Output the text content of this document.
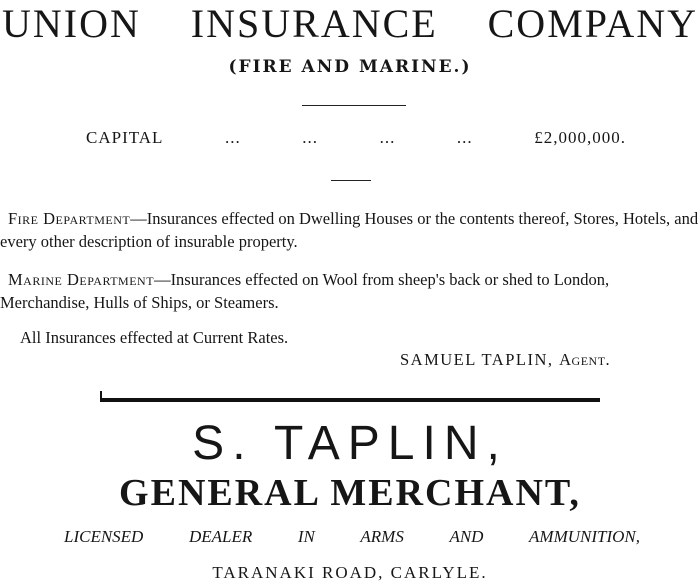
UNION INSURANCE COMPANY
(FIRE AND MARINE.)
CAPITAL	...	...	...	...	£2,000,000.
Fire Department—Insurances effected on Dwelling Houses or the contents thereof, Stores, Hotels, and every other description of insurable property.
Marine Department—Insurances effected on Wool from sheep's back or shed to London, Merchandise, Hulls of Ships, or Steamers.
All Insurances effected at Current Rates.
SAMUEL TAPLIN, Agent.
S. TAPLIN,
GENERAL MERCHANT,
LICENSED	DEALER	IN	ARMS	AND	AMMUNITION,
TARANAKI ROAD, CARLYLE.
